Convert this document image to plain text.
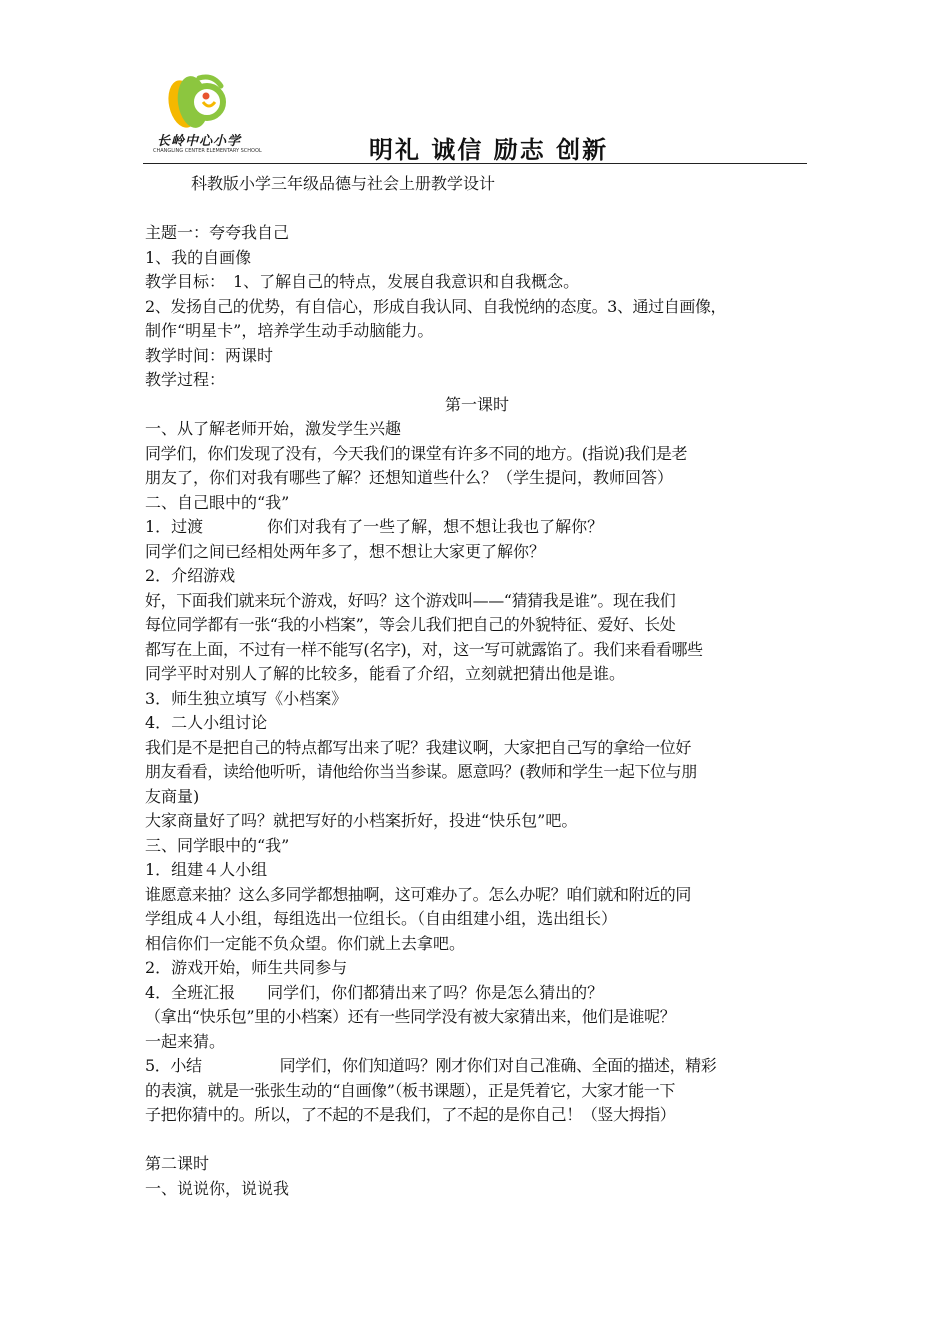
长岭中心小学
CHANGLING CENTER ELEMENTARY SCHOOL	明礼 诚信 励志 创新

科教版小学三年级品德与社会上册教学设计

主题一：夸夸我自己

1、我的自画像

教学目标：　1、了解自己的特点，发展自我意识和自我概念。

2、发扬自己的优势，有自信心，形成自我认同、自我悦纳的态度。3、通过自画像，

制作“明星卡”，培养学生动手动脑能力。

教学时间：两课时

教学过程：

第一课时

一、从了解老师开始，激发学生兴趣

同学们，你们发现了没有，今天我们的课堂有许多不同的地方。(指说)我们是老

朋友了，你们对我有哪些了解？还想知道些什么？（学生提问，教师回答）

二、自己眼中的“我”

1．过渡　　　　你们对我有了一些了解，想不想让我也了解你？

同学们之间已经相处两年多了，想不想让大家更了解你？

2．介绍游戏

好，下面我们就来玩个游戏，好吗？这个游戏叫——“猜猜我是谁”。现在我们

每位同学都有一张“我的小档案”，等会儿我们把自己的外貌特征、爱好、长处

都写在上面，不过有一样不能写(名字)，对，这一写可就露馅了。我们来看看哪些

同学平时对别人了解的比较多，能看了介绍，立刻就把猜出他是谁。

3．师生独立填写《小档案》

4．二人小组讨论

我们是不是把自己的特点都写出来了呢？我建议啊，大家把自己写的拿给一位好

朋友看看，读给他听听，请他给你当当参谋。愿意吗？(教师和学生一起下位与朋

友商量)

大家商量好了吗？就把写好的小档案折好，投进“快乐包”吧。

三、同学眼中的“我”

1．组建４人小组

谁愿意来抽？这么多同学都想抽啊，这可难办了。怎么办呢？咱们就和附近的同

学组成４人小组，每组选出一位组长。（自由组建小组，选出组长）

相信你们一定能不负众望。你们就上去拿吧。

2．游戏开始，师生共同参与

4．全班汇报　　同学们，你们都猜出来了吗？你是怎么猜出的？

（拿出“快乐包”里的小档案）还有一些同学没有被大家猜出来，他们是谁呢？

一起来猜。

5．小结　　　　　同学们，你们知道吗？刚才你们对自己准确、全面的描述，精彩

的表演，就是一张张生动的“自画像”（板书课题），正是凭着它，大家才能一下

子把你猜中的。所以，了不起的不是我们，了不起的是你自己！（竖大拇指）

第二课时

一、说说你，说说我
